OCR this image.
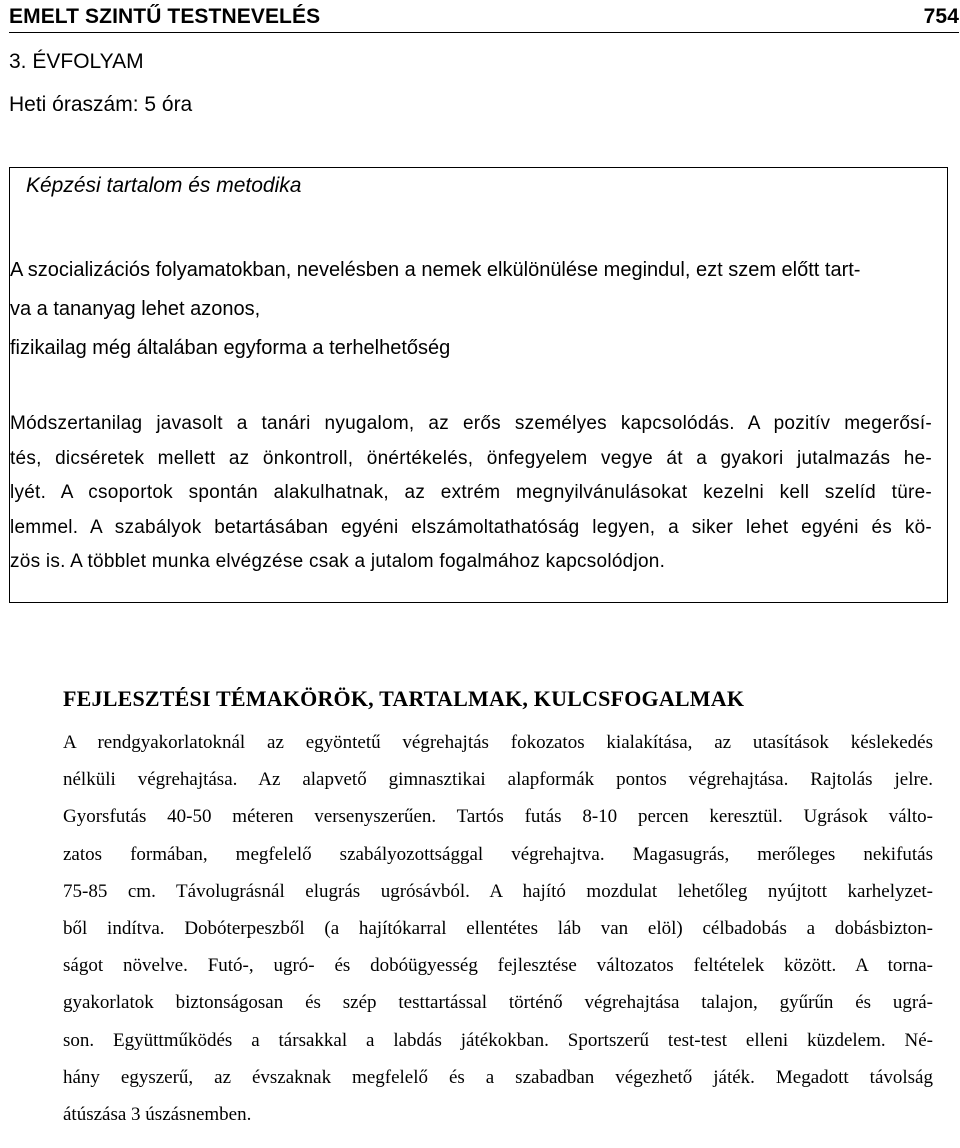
EMELT SZINTŰ TESTNEVELÉS	754
3. ÉVFOLYAM
Heti óraszám: 5 óra
Képzési tartalom és metodika
A szocializációs folyamatokban, nevelésben a nemek elkülönülése megindul, ezt szem előtt tart-
va a tananyag lehet azonos,
fizikailag még általában egyforma a terhelhetőség
Módszertanilag javasolt a tanári nyugalom, az erős személyes kapcsolódás. A pozitív megerősí-
tés, dicséretek mellett az önkontroll, önértékelés, önfegyelem vegye át a gyakori jutalmazás he-
lyét. A csoportok spontán alakulhatnak, az extrém megnyilvánulásokat kezelni kell szelíd türe-
lemmel. A szabályok betartásában egyéni elszámoltathatóság legyen, a siker lehet egyéni és kö-
zös is. A többlet munka elvégzése csak a jutalom fogalmához kapcsolódjon.
FEJLESZTÉSI TÉMAKÖRÖK, TARTALMAK, KULCSFOGALMAK
A rendgyakorlatoknál az egyöntetű végrehajtás fokozatos kialakítása, az utasítások késlekedés
nélküli végrehajtása. Az alapvető gimnasztikai alapformák pontos végrehajtása. Rajtolás jelre.
Gyorsfutás 40-50 méteren versenyszerűen. Tartós futás 8-10 percen keresztül. Ugrások válto-
zatos formában, megfelelő szabályozottsággal végrehajtva. Magasugrás, merőleges nekifutás
75-85 cm. Távolugrásnál elugrás ugrósávból. A hajító mozdulat lehetőleg nyújtott karhelyzet-
ből indítva. Dobóterpeszből (a hajítókarral ellentétes láb van elöl) célbadobás a dobásbizton-
ságot növelve. Futó-, ugró- és dobóügyesség fejlesztése változatos feltételek között. A torna-
gyakorlatok biztonságosan és szép testtartással történő végrehajtása talajon, gyűrűn és ugrá-
son. Együttműködés a társakkal a labdás játékokban. Sportszerű test-test elleni küzdelem. Né-
hány egyszerű, az évszaknak megfelelő és a szabadban végezhető játék. Megadott távolság
átúszása 3 úszásnemben.
